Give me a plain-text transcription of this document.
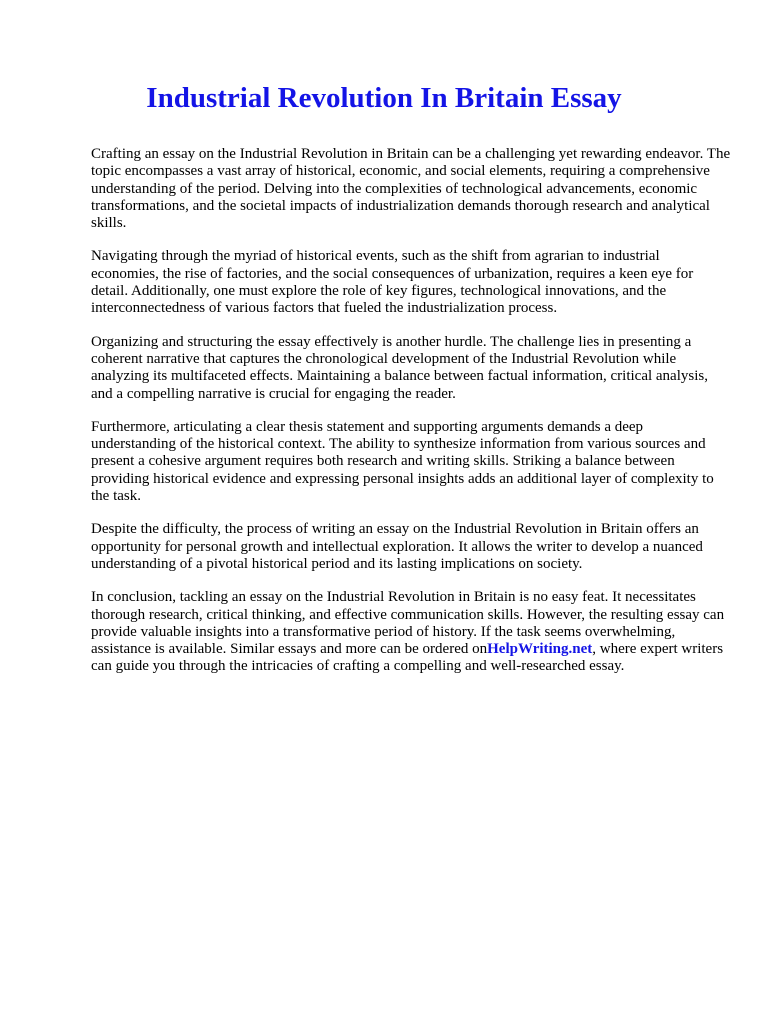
Industrial Revolution In Britain Essay

Crafting an essay on the Industrial Revolution in Britain can be a challenging yet rewarding endeavor. The topic encompasses a vast array of historical, economic, and social elements, requiring a comprehensive understanding of the period. Delving into the complexities of technological advancements, economic transformations, and the societal impacts of industrialization demands thorough research and analytical skills.

Navigating through the myriad of historical events, such as the shift from agrarian to industrial economies, the rise of factories, and the social consequences of urbanization, requires a keen eye for detail. Additionally, one must explore the role of key figures, technological innovations, and the interconnectedness of various factors that fueled the industrialization process.

Organizing and structuring the essay effectively is another hurdle. The challenge lies in presenting a coherent narrative that captures the chronological development of the Industrial Revolution while analyzing its multifaceted effects. Maintaining a balance between factual information, critical analysis, and a compelling narrative is crucial for engaging the reader.

Furthermore, articulating a clear thesis statement and supporting arguments demands a deep understanding of the historical context. The ability to synthesize information from various sources and present a cohesive argument requires both research and writing skills. Striking a balance between providing historical evidence and expressing personal insights adds an additional layer of complexity to the task.

Despite the difficulty, the process of writing an essay on the Industrial Revolution in Britain offers an opportunity for personal growth and intellectual exploration. It allows the writer to develop a nuanced understanding of a pivotal historical period and its lasting implications on society.

In conclusion, tackling an essay on the Industrial Revolution in Britain is no easy feat. It necessitates thorough research, critical thinking, and effective communication skills. However, the resulting essay can provide valuable insights into a transformative period of history. If the task seems overwhelming, assistance is available. Similar essays and more can be ordered onHelpWriting.net, where expert writers can guide you through the intricacies of crafting a compelling and well-researched essay.
